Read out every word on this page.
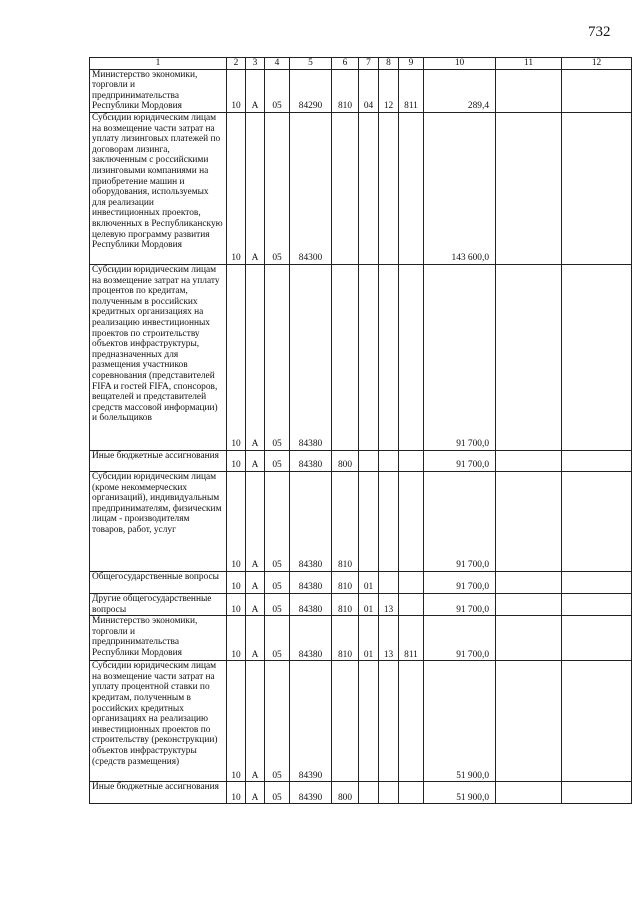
732
1	2	3	4	5	6	7	8	9	10	11	12
Министерство экономики, торговли и предпринимательства Республики Мордовия	10	А	05	84290	810	04	12	811	289,4		
Субсидии юридическим лицам на возмещение части затрат на уплату лизинговых платежей по договорам лизинга, заключенным с российскими лизинговыми компаниями на приобретение машин и оборудования, используемых для реализации инвестиционных проектов, включенных в Республиканскую целевую программу развития Республики Мордовия	10	А	05	84300					143 600,0		
Субсидии юридическим лицам на возмещение затрат на уплату процентов по кредитам, полученным в российских кредитных организациях на реализацию инвестиционных проектов по строительству объектов инфраструктуры, предназначенных для размещения участников соревнования (представителей FIFA и гостей FIFA, спонсоров, вещателей и представителей средств массовой информации) и болельщиков	10	А	05	84380					91 700,0		
Иные бюджетные ассигнования	10	А	05	84380	800				91 700,0		
Субсидии юридическим лицам (кроме некоммерческих организаций), индивидуальным предпринимателям, физическим лицам - производителям товаров, работ, услуг	10	А	05	84380	810				91 700,0		
Общегосударственные вопросы	10	А	05	84380	810	01			91 700,0		
Другие общегосударственные вопросы	10	А	05	84380	810	01	13		91 700,0		
Министерство экономики, торговли и предпринимательства Республики Мордовия	10	А	05	84380	810	01	13	811	91 700,0		
Субсидии юридическим лицам на возмещение части затрат на уплату процентной ставки по кредитам, полученным в российских кредитных организациях на реализацию инвестиционных проектов по строительству (реконструкции) объектов инфраструктуры (средств размещения)	10	А	05	84390					51 900,0		
Иные бюджетные ассигнования	10	А	05	84390	800				51 900,0		
